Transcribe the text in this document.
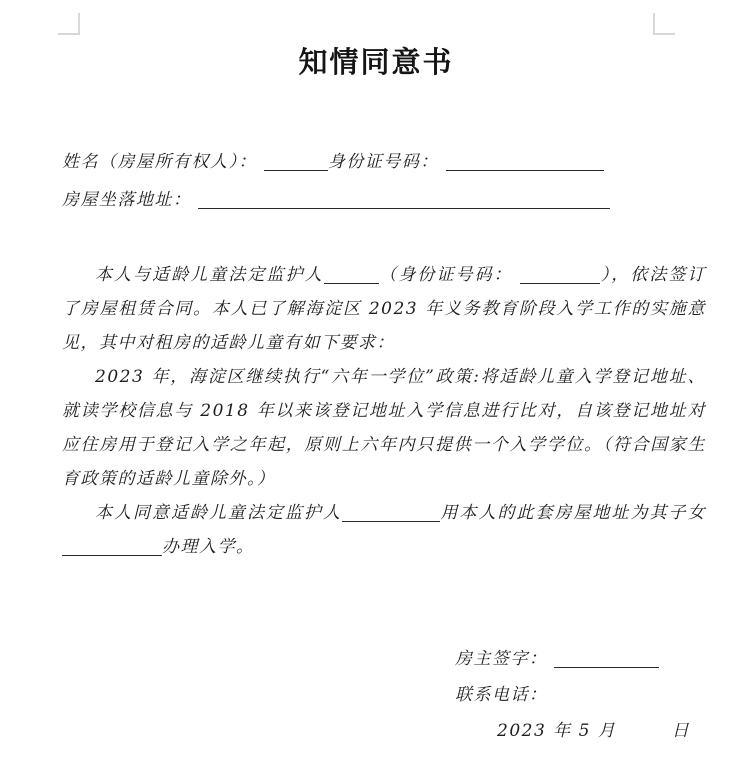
知情同意书
姓名（房屋所有权人）：	身份证号码：
房屋坐落地址：

本人与适龄儿童法定监护人	（身份证号码：	），依法签订了房屋租赁合同。本人已了解海淀区 2023 年义务教育阶段入学工作的实施意见，其中对租房的适龄儿童有如下要求：

2023 年，海淀区继续执行“六年一学位”政策:将适龄儿童入学登记地址、就读学校信息与 2018 年以来该登记地址入学信息进行比对，自该登记地址对应住房用于登记入学之年起，原则上六年内只提供一个入学学位。（符合国家生育政策的适龄儿童除外。）

本人同意适龄儿童法定监护人	用本人的此套房屋地址为其子女办理入学。

房主签字：
联系电话：
2023 年 5 月　　　日
